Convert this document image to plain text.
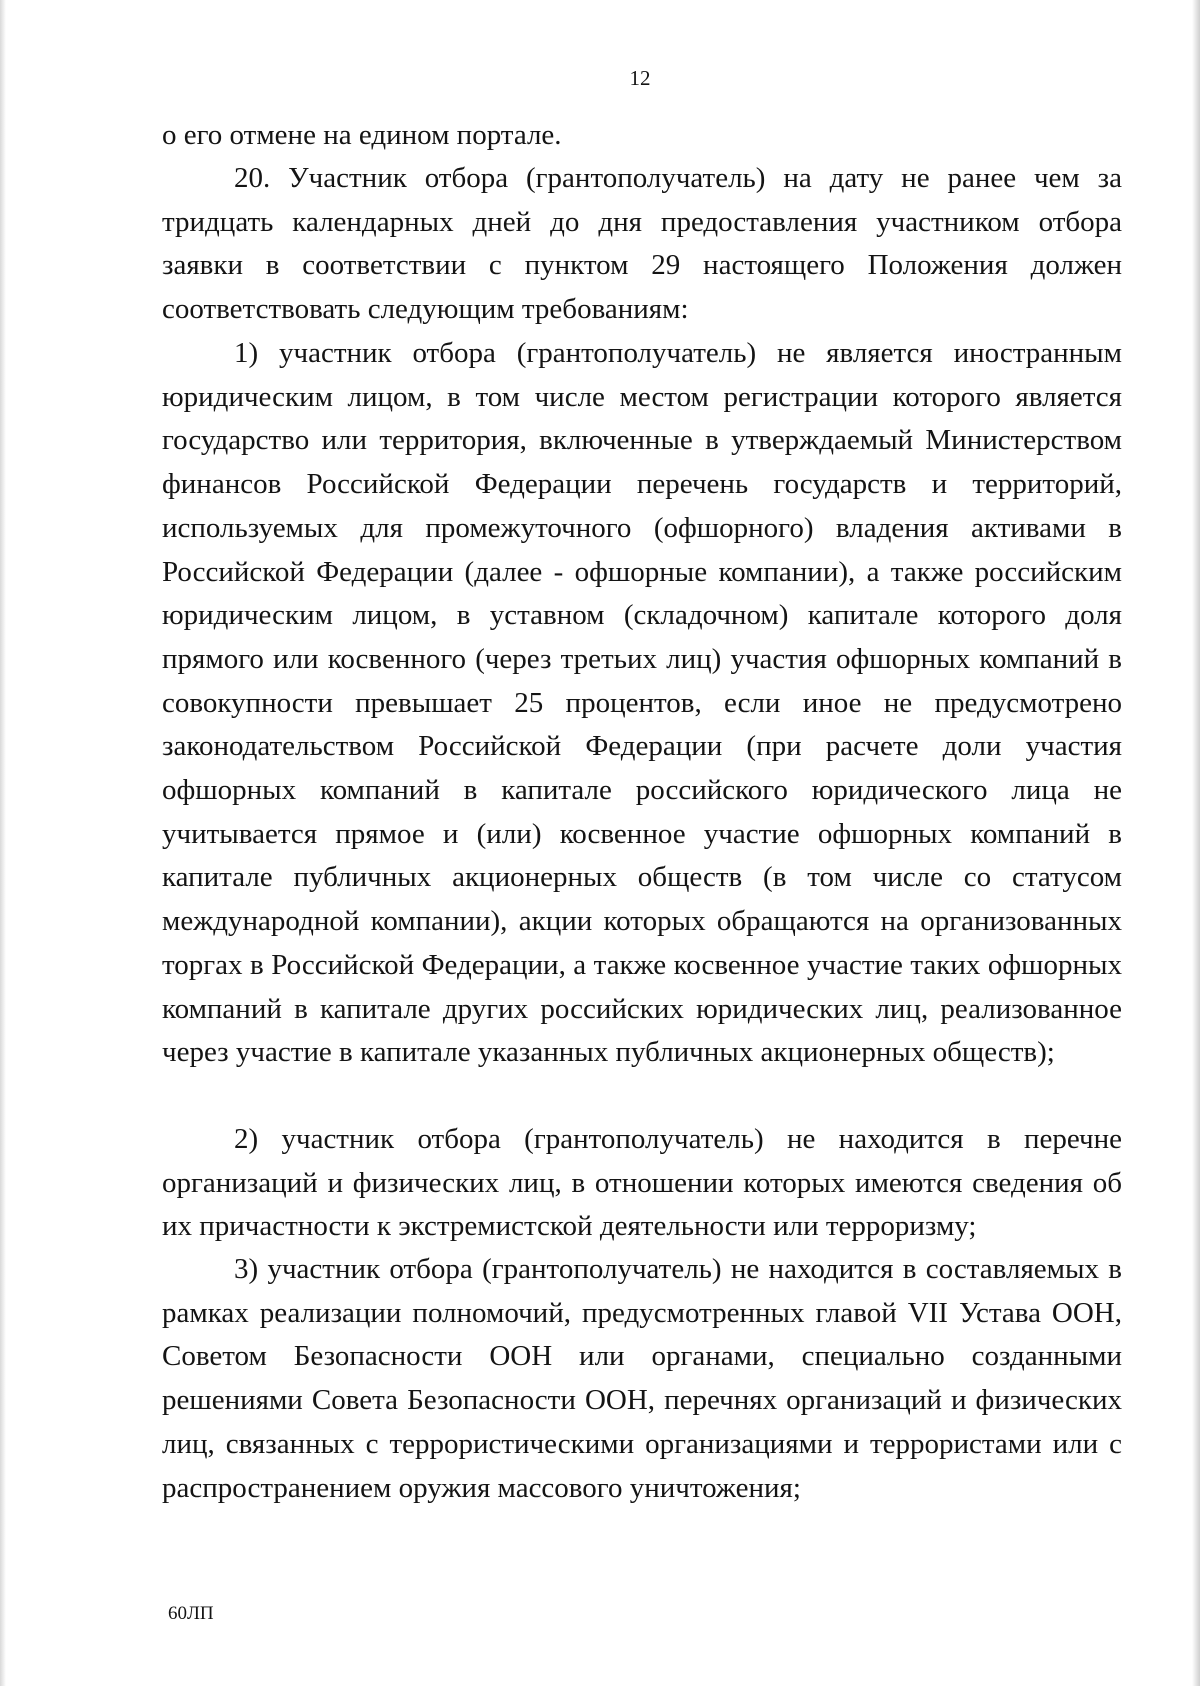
12
о его отмене на едином портале.

20. Участник отбора (грантополучатель) на дату не ранее чем за тридцать календарных дней до дня предоставления участником отбора заявки в соответствии с пунктом 29 настоящего Положения должен соответствовать следующим требованиям:

1) участник отбора (грантополучатель) не является иностранным юридическим лицом, в том числе местом регистрации которого является государство или территория, включенные в утверждаемый Министерством финансов Российской Федерации перечень государств и территорий, используемых для промежуточного (офшорного) владения активами в Российской Федерации (далее - офшорные компании), а также российским юридическим лицом, в уставном (складочном) капитале которого доля прямого или косвенного (через третьих лиц) участия офшорных компаний в совокупности превышает 25 процентов, если иное не предусмотрено законодательством Российской Федерации (при расчете доли участия офшорных компаний в капитале российского юридического лица не учитывается прямое и (или) косвенное участие офшорных компаний в капитале публичных акционерных обществ (в том числе со статусом международной компании), акции которых обращаются на организованных торгах в Российской Федерации, а также косвенное участие таких офшорных компаний в капитале других российских юридических лиц, реализованное через участие в капитале указанных публичных акционерных обществ);

2) участник отбора (грантополучатель) не находится в перечне организаций и физических лиц, в отношении которых имеются сведения об их причастности к экстремистской деятельности или терроризму;

3) участник отбора (грантополучатель) не находится в составляемых в рамках реализации полномочий, предусмотренных главой VII Устава ООН, Советом Безопасности ООН или органами, специально созданными решениями Совета Безопасности ООН, перечнях организаций и физических лиц, связанных с террористическими организациями и террористами или с распространением оружия массового уничтожения;

60ЛП
